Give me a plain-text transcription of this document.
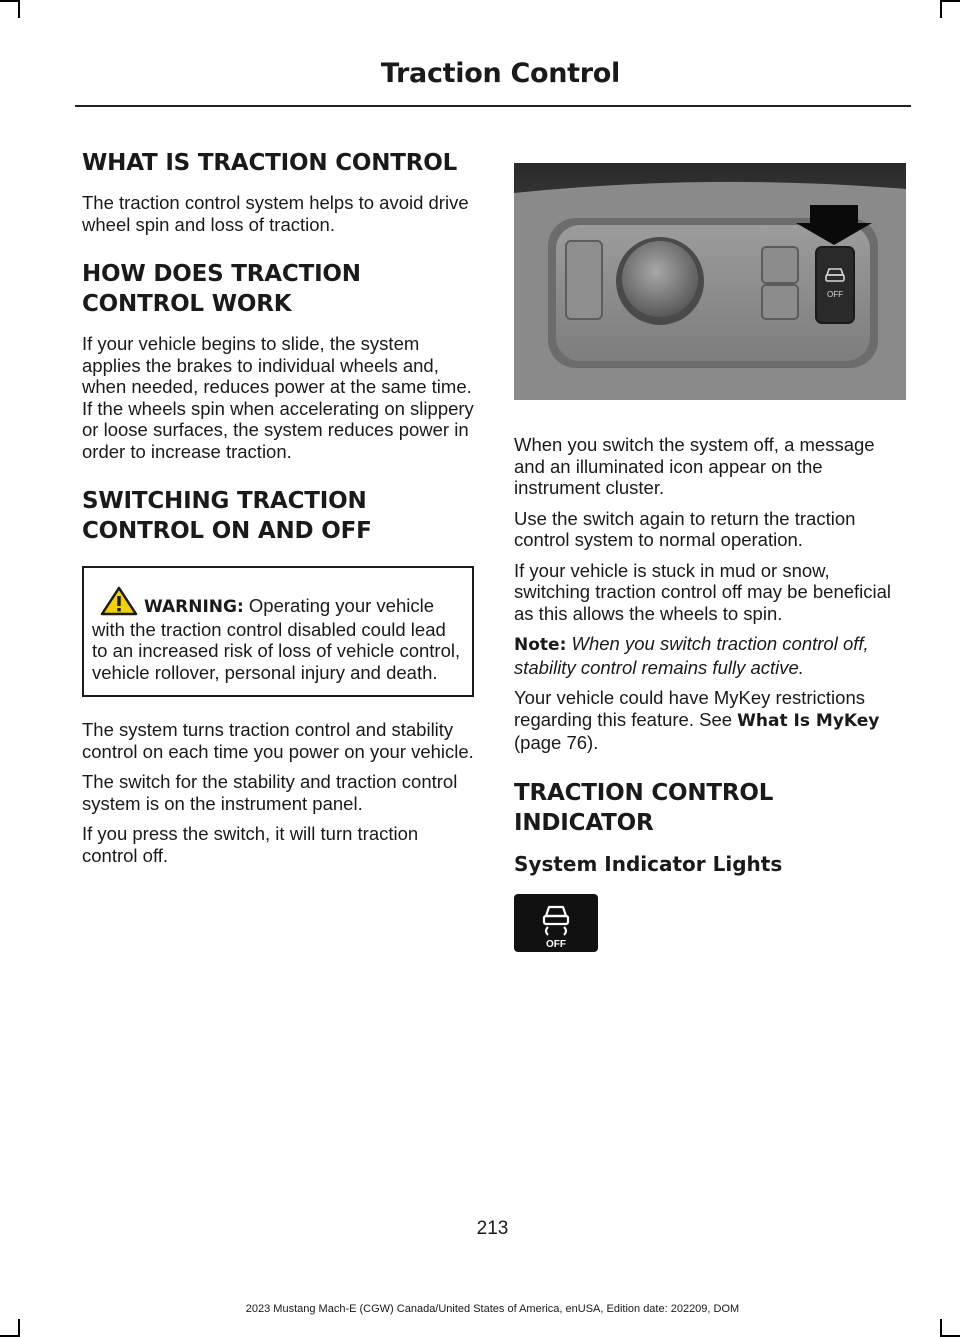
Traction Control
WHAT IS TRACTION CONTROL

The traction control system helps to avoid drive wheel spin and loss of traction.

HOW DOES TRACTION
CONTROL WORK

If your vehicle begins to slide, the system applies the brakes to individual wheels and, when needed, reduces power at the same time. If the wheels spin when accelerating on slippery or loose surfaces, the system reduces power in order to increase traction.

SWITCHING TRACTION
CONTROL ON AND OFF
WARNING: Operating your vehicle with the traction control disabled could lead to an increased risk of loss of vehicle control, vehicle rollover, personal injury and death.

The system turns traction control and stability control on each time you power on your vehicle.

The switch for the stability and traction control system is on the instrument panel.

If you press the switch, it will turn traction control off.

OFF

When you switch the system off, a message and an illuminated icon appear on the instrument cluster.

Use the switch again to return the traction control system to normal operation.

If your vehicle is stuck in mud or snow, switching traction control off may be beneficial as this allows the wheels to spin.

Note: When you switch traction control off, stability control remains fully active.

Your vehicle could have MyKey restrictions regarding this feature. See What Is MyKey (page 76).

TRACTION CONTROL
INDICATOR
System Indicator Lights
OFF
213
2023 Mustang Mach-E (CGW) Canada/United States of America, enUSA, Edition date: 202209, DOM
